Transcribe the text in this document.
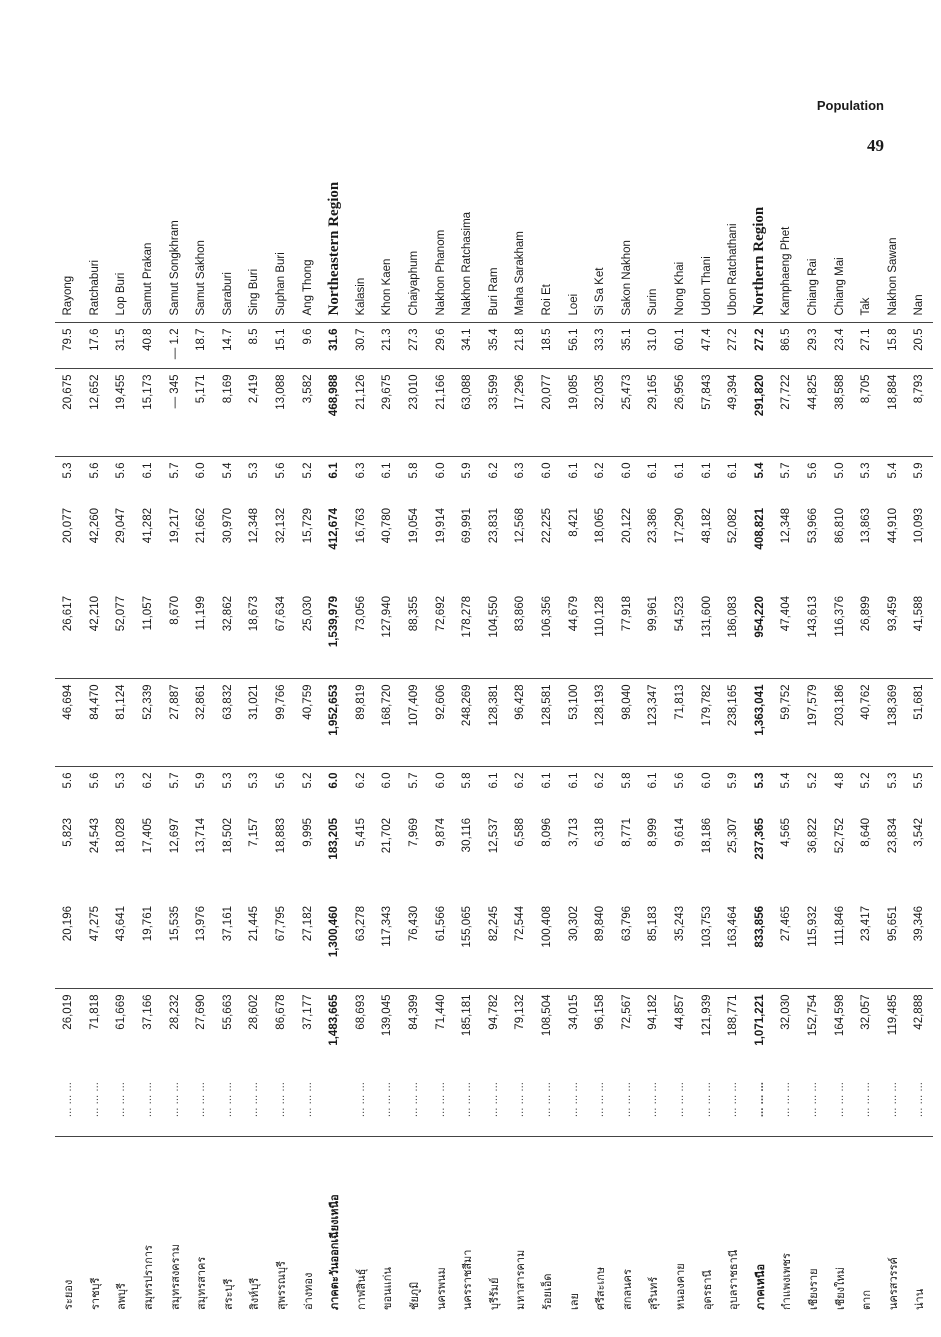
Population
49
ระยอง	... ... ...	26,019	20,196	5,823	5.6	46,694	26,617	20,077	5.3	20,675	79.5	Rayong
ราชบุรี	... ... ...	71,818	47,275	24,543	5.6	84,470	42,210	42,260	5.6	12,652	17.6	Ratchaburi
ลพบุรี	... ... ...	61,669	43,641	18,028	5.3	81,124	52,077	29,047	5.6	19,455	31.5	Lop Buri
สมุทรปราการ	... ... ...	37,166	19,761	17,405	6.2	52,339	11,057	41,282	6.1	15,173	40.8	Samut Prakan
สมุทรสงคราม	... ... ...	28,232	15,535	12,697	5.7	27,887	8,670	19,217	5.7	— 345	— 1.2	Samut Songkhram
สมุทรสาคร	... ... ...	27,690	13,976	13,714	5.9	32,861	11,199	21,662	6.0	5,171	18.7	Samut Sakhon
สระบุรี	... ... ...	55,663	37,161	18,502	5.3	63,832	32,862	30,970	5.4	8,169	14.7	Saraburi
สิงห์บุรี	... ... ...	28,602	21,445	7,157	5.3	31,021	18,673	12,348	5.3	2,419	8.5	Sing Buri
สุพรรณบุรี	... ... ...	86,678	67,795	18,883	5.6	99,766	67,634	32,132	5.6	13,088	15.1	Suphan Buri
อ่างทอง	... ... ...	37,177	27,182	9,995	5.2	40,759	25,030	15,729	5.2	3,582	9.6	Ang Thong
ภาคตะวันออกเฉียงเหนือ		1,483,665	1,300,460	183,205	6.0	1,952,653	1,539,979	412,674	6.1	468,988	31.6	Northeastern Region
กาฬสินธุ์	... ... ...	68,693	63,278	5,415	6.2	89,819	73,056	16,763	6.3	21,126	30.7	Kalasin
ขอนแก่น	... ... ...	139,045	117,343	21,702	6.0	168,720	127,940	40,780	6.1	29,675	21.3	Khon Kaen
ชัยภูมิ	... ... ...	84,399	76,430	7,969	5.7	107,409	88,355	19,054	5.8	23,010	27.3	Chaiyaphum
นครพนม	... ... ...	71,440	61,566	9,874	6.0	92,606	72,692	19,914	6.0	21,166	29.6	Nakhon Phanom
นครราชสีมา	... ... ...	185,181	155,065	30,116	5.8	248,269	178,278	69,991	5.9	63,088	34.1	Nakhon Ratchasima
บุรีรัมย์	... ... ...	94,782	82,245	12,537	6.1	128,381	104,550	23,831	6.2	33,599	35.4	Buri Ram
มหาสารคาม	... ... ...	79,132	72,544	6,588	6.2	96,428	83,860	12,568	6.3	17,296	21.8	Maha Sarakham
ร้อยเอ็ด	... ... ...	108,504	100,408	8,096	6.1	128,581	106,356	22,225	6.0	20,077	18.5	Roi Et
เลย	... ... ...	34,015	30,302	3,713	6.1	53,100	44,679	8,421	6.1	19,085	56.1	Loei
ศรีสะเกษ	... ... ...	96,158	89,840	6,318	6.2	128,193	110,128	18,065	6.2	32,035	33.3	Si Sa Ket
สกลนคร	... ... ...	72,567	63,796	8,771	5.8	98,040	77,918	20,122	6.0	25,473	35.1	Sakon Nakhon
สุรินทร์	... ... ...	94,182	85,183	8,999	6.1	123,347	99,961	23,386	6.1	29,165	31.0	Surin
หนองคาย	... ... ...	44,857	35,243	9,614	5.6	71,813	54,523	17,290	6.1	26,956	60.1	Nong Khai
อุดรธานี	... ... ...	121,939	103,753	18,186	6.0	179,782	131,600	48,182	6.1	57,843	47.4	Udon Thani
อุบลราชธานี	... ... ...	188,771	163,464	25,307	5.9	238,165	186,083	52,082	6.1	49,394	27.2	Ubon Ratchathani
ภาคเหนือ	... ... ...	1,071,221	833,856	237,365	5.3	1,363,041	954,220	408,821	5.4	291,820	27.2	Northern Region
กำแพงเพชร	... ... ...	32,030	27,465	4,565	5.4	59,752	47,404	12,348	5.7	27,722	86.5	Kamphaeng Phet
เชียงราย	... ... ...	152,754	115,932	36,822	5.2	197,579	143,613	53,966	5.6	44,825	29.3	Chiang Rai
เชียงใหม่	... ... ...	164,598	111,846	52,752	4.8	203,186	116,376	86,810	5.0	38,588	23.4	Chiang Mai
ตาก	... ... ...	32,057	23,417	8,640	5.2	40,762	26,899	13,863	5.3	8,705	27.1	Tak
นครสวรรค์	... ... ...	119,485	95,651	23,834	5.3	138,369	93,459	44,910	5.4	18,884	15.8	Nakhon Sawan
น่าน	... ... ...	42,888	39,346	3,542	5.5	51,681	41,588	10,093	5.9	8,793	20.5	Nan
